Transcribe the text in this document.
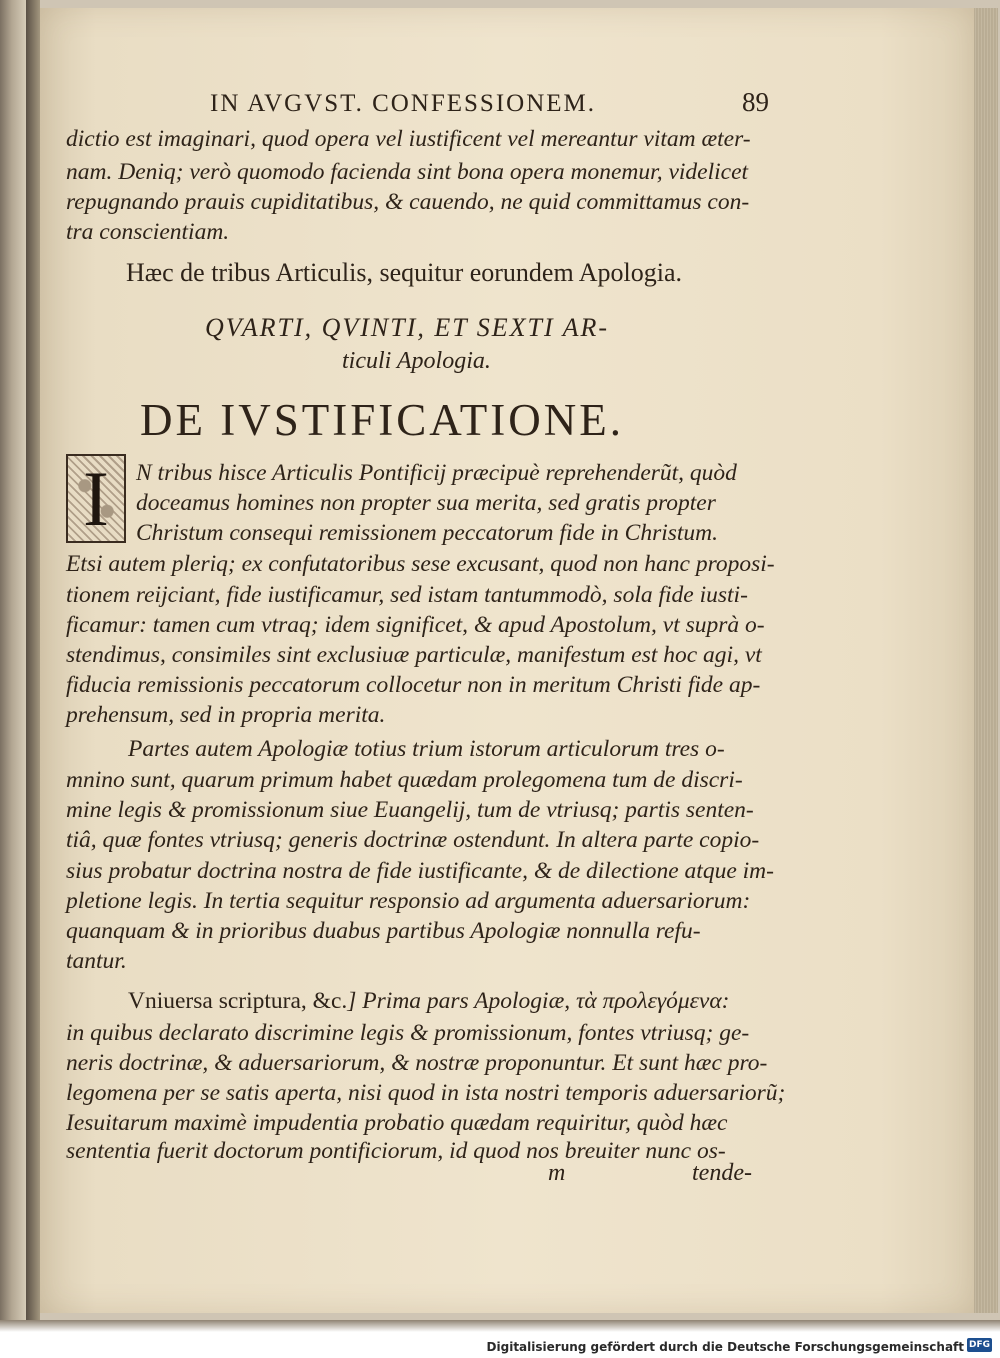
IN AVGVST. CONFESSIONEM.	89
dictio est imaginari, quod opera vel iustificent vel mereantur vitam æter-
nam. Deniq; verò quomodo facienda sint bona opera monemur, videlicet
repugnando prauis cupiditatibus, & cauendo, ne quid committamus con-
tra conscientiam.
Hæc de tribus Articulis, sequitur eorundem Apologia.
QVARTI, QVINTI, ET SEXTI AR-
ticuli Apologia.
DE IVSTIFICATIONE.
I	N tribus hisce Articulis Pontificij præcipuè reprehenderũt, quòd
doceamus homines non propter sua merita, sed gratis propter
Christum consequi remissionem peccatorum fide in Christum.
Etsi autem pleriq; ex confutatoribus sese excusant, quod non hanc proposi-
tionem reijciant, fide iustificamur, sed istam tantummodò, sola fide iusti-
ficamur: tamen cum vtraq; idem significet, & apud Apostolum, vt suprà o-
stendimus, consimiles sint exclusiuæ particulæ, manifestum est hoc agi, vt
fiducia remissionis peccatorum collocetur non in meritum Christi fide ap-
prehensum, sed in propria merita.
Partes autem Apologiæ totius trium istorum articulorum tres o-
mnino sunt, quarum primum habet quædam prolegomena tum de discri-
mine legis & promissionum siue Euangelij, tum de vtriusq; partis senten-
tiâ, quæ fontes vtriusq; generis doctrinæ ostendunt. In altera parte copio-
sius probatur doctrina nostra de fide iustificante, & de dilectione atque im-
pletione legis. In tertia sequitur responsio ad argumenta aduersariorum:
quanquam & in prioribus duabus partibus Apologiæ nonnulla refu-
tantur.
Vniuersa scriptura, &c.] Prima pars Apologiæ, τὰ προλεγόμενα:
in quibus declarato discrimine legis & promissionum, fontes vtriusq; ge-
neris doctrinæ, & aduersariorum, & nostræ proponuntur. Et sunt hæc pro-
legomena per se satis aperta, nisi quod in ista nostri temporis aduersariorũ;
Iesuitarum maximè impudentia probatio quædam requiritur, quòd hæc
sententia fuerit doctorum pontificiorum, id quod nos breuiter nunc os-
m	tende-
Digitalisierung gefördert durch die Deutsche Forschungsgemeinschaft DFG
